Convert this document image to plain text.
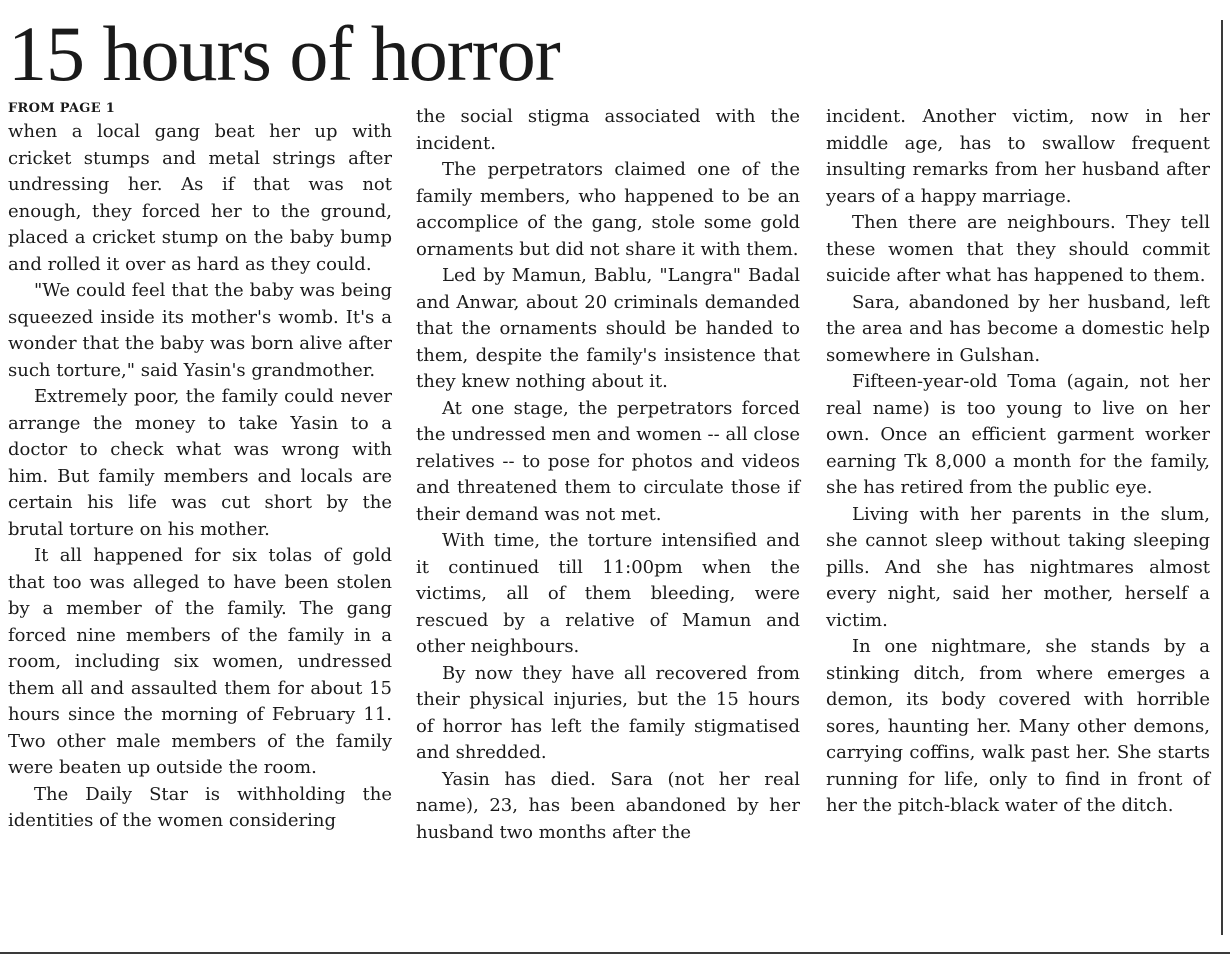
15 hours of horror
FROM PAGE 1

when a local gang beat her up with cricket stumps and metal strings after undressing her. As if that was not enough, they forced her to the ground, placed a cricket stump on the baby bump and rolled it over as hard as they could.

"We could feel that the baby was being squeezed inside its mother's womb. It's a wonder that the baby was born alive after such torture," said Yasin's grandmother.

Extremely poor, the family could never arrange the money to take Yasin to a doctor to check what was wrong with him. But family members and locals are certain his life was cut short by the brutal torture on his mother.

It all happened for six tolas of gold that too was alleged to have been stolen by a member of the family. The gang forced nine members of the family in a room, including six women, undressed them all and assaulted them for about 15 hours since the morning of February 11. Two other male members of the family were beaten up outside the room.

The Daily Star is withholding the identities of the women considering

the social stigma associated with the incident.

The perpetrators claimed one of the family members, who happened to be an accomplice of the gang, stole some gold ornaments but did not share it with them.

Led by Mamun, Bablu, "Langra" Badal and Anwar, about 20 criminals demanded that the ornaments should be handed to them, despite the family's insistence that they knew nothing about it.

At one stage, the perpetrators forced the undressed men and women -- all close relatives -- to pose for photos and videos and threatened them to circulate those if their demand was not met.

With time, the torture intensified and it continued till 11:00pm when the victims, all of them bleeding, were rescued by a relative of Mamun and other neighbours.

By now they have all recovered from their physical injuries, but the 15 hours of horror has left the family stigmatised and shredded.

Yasin has died. Sara (not her real name), 23, has been abandoned by her husband two months after the

incident. Another victim, now in her middle age, has to swallow frequent insulting remarks from her husband after years of a happy marriage.

Then there are neighbours. They tell these women that they should commit suicide after what has happened to them.

Sara, abandoned by her husband, left the area and has become a domestic help somewhere in Gulshan.

Fifteen-year-old Toma (again, not her real name) is too young to live on her own. Once an efficient garment worker earning Tk 8,000 a month for the family, she has retired from the public eye.

Living with her parents in the slum, she cannot sleep without taking sleeping pills. And she has nightmares almost every night, said her mother, herself a victim.

In one nightmare, she stands by a stinking ditch, from where emerges a demon, its body covered with horrible sores, haunting her. Many other demons, carrying coffins, walk past her. She starts running for life, only to find in front of her the pitch-black water of the ditch.
